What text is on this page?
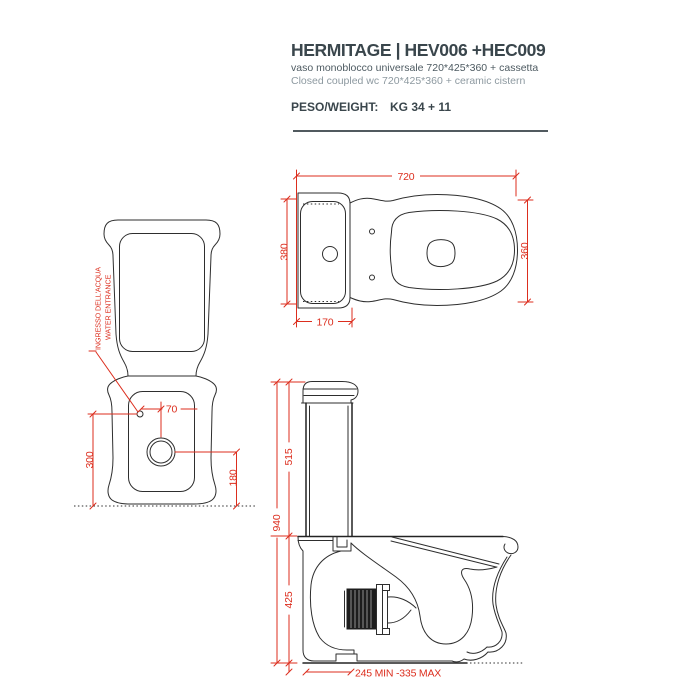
HERMITAGE | HEV006 +HEC009
vaso monoblocco universale 720*425*360 + cassetta
Closed coupled wc 720*425*360 + ceramic cistern
PESO/WEIGHT: KG 34 + 11
720
380	360
170
INGRESSO DELL'ACQUA WATER ENTRANCE
70
300
180
940
515
425
245 MIN -335 MAX
